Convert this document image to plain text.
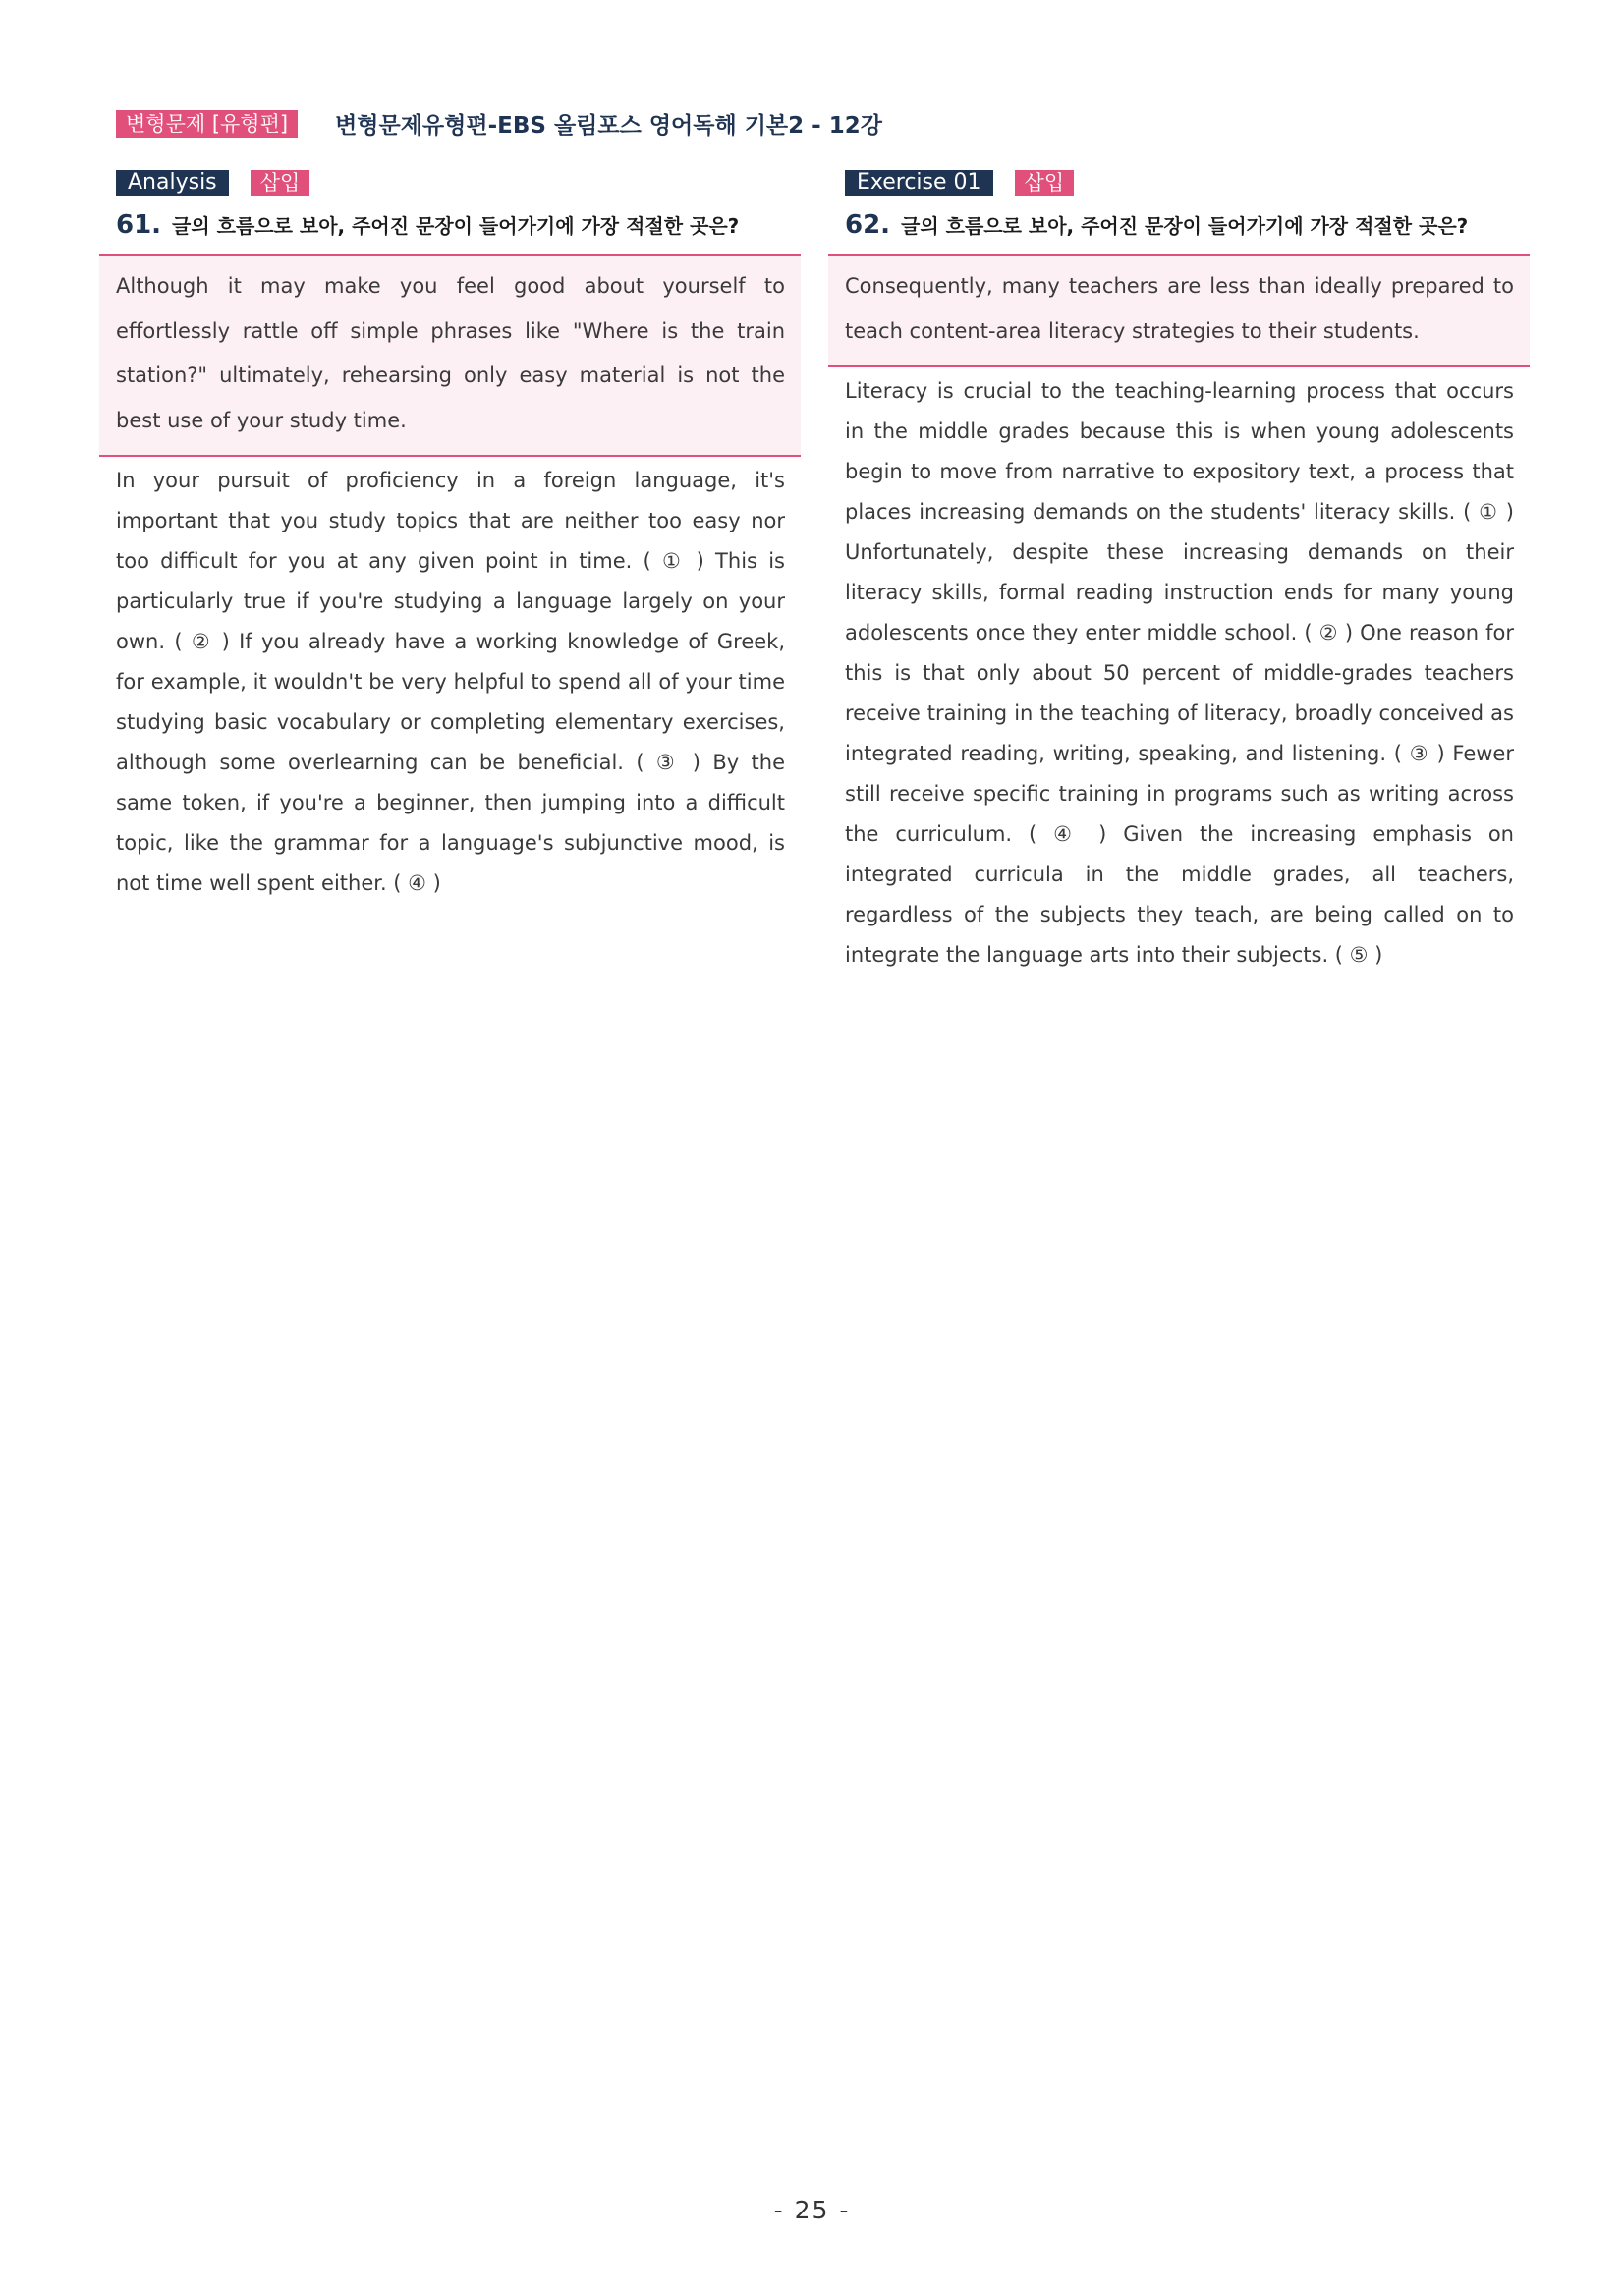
변형문제 [유형편]	변형문제유형편-EBS 올림포스 영어독해 기본2 - 12강
Analysis	삽입
61. 글의 흐름으로 보아, 주어진 문장이 들어가기에 가장 적절한 곳은?
Although it may make you feel good about yourself to effortlessly rattle off simple phrases like "Where is the train station?" ultimately, rehearsing only easy material is not the best use of your study time.
In your pursuit of proficiency in a foreign language, it's important that you study topics that are neither too easy nor too difficult for you at any given point in time. ( ① ) This is particularly true if you're studying a language largely on your own. ( ② ) If you already have a working knowledge of Greek, for example, it wouldn't be very helpful to spend all of your time studying basic vocabulary or completing elementary exercises, although some overlearning can be beneficial. ( ③ ) By the same token, if you're a beginner, then jumping into a difficult topic, like the grammar for a language's subjunctive mood, is not time well spent either. ( ④ )
Exercise 01	삽입
62. 글의 흐름으로 보아, 주어진 문장이 들어가기에 가장 적절한 곳은?
Consequently, many teachers are less than ideally prepared to teach content-area literacy strategies to their students.
Literacy is crucial to the teaching-learning process that occurs in the middle grades because this is when young adolescents begin to move from narrative to expository text, a process that places increasing demands on the students' literacy skills. ( ① ) Unfortunately, despite these increasing demands on their literacy skills, formal reading instruction ends for many young adolescents once they enter middle school. ( ② ) One reason for this is that only about 50 percent of middle-grades teachers receive training in the teaching of literacy, broadly conceived as integrated reading, writing, speaking, and listening. ( ③ ) Fewer still receive specific training in programs such as writing across the curriculum. ( ④ ) Given the increasing emphasis on integrated curricula in the middle grades, all teachers, regardless of the subjects they teach, are being called on to integrate the language arts into their subjects. ( ⑤ )
- 25 -
